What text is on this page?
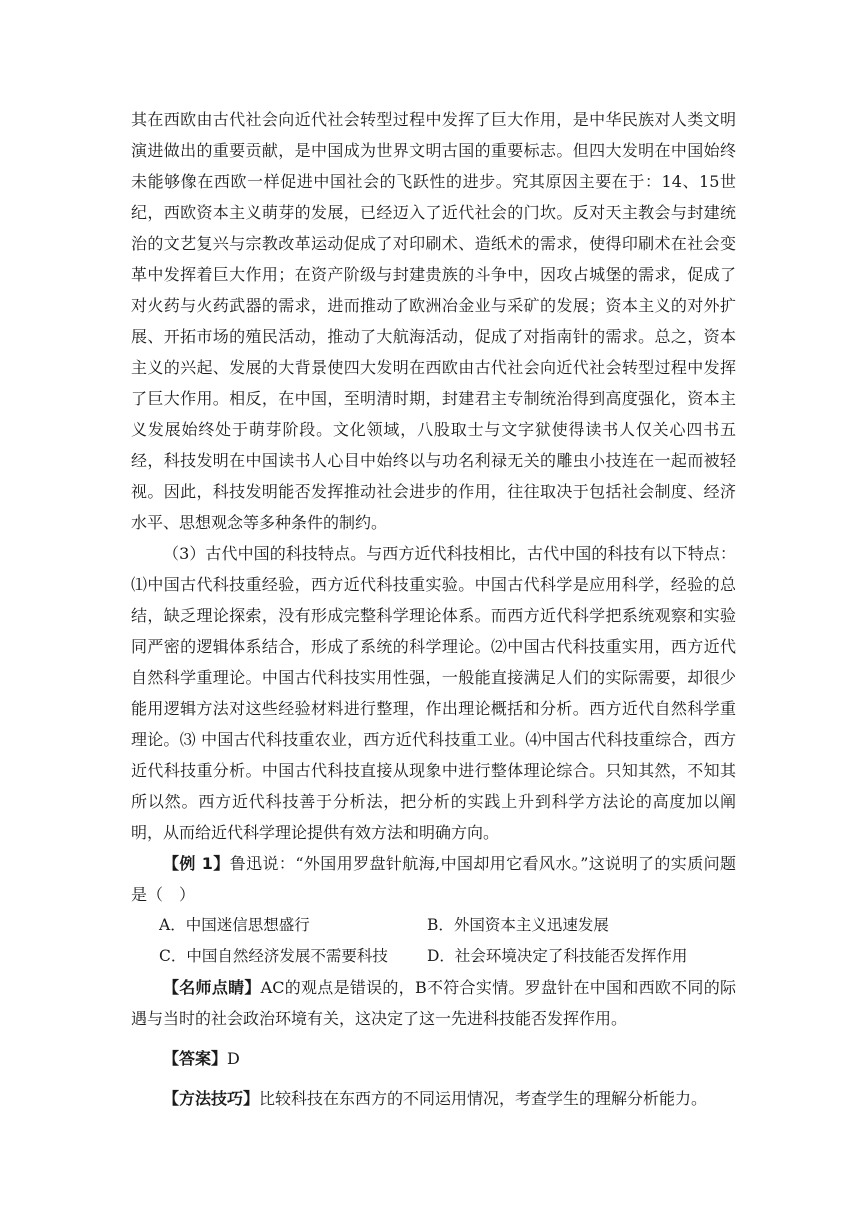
其在西欧由古代社会向近代社会转型过程中发挥了巨大作用，是中华民族对人类文明演进做出的重要贡献，是中国成为世界文明古国的重要标志。但四大发明在中国始终未能够像在西欧一样促进中国社会的飞跃性的进步。究其原因主要在于：14、15世纪，西欧资本主义萌芽的发展，已经迈入了近代社会的门坎。反对天主教会与封建统治的文艺复兴与宗教改革运动促成了对印刷术、造纸术的需求，使得印刷术在社会变革中发挥着巨大作用；在资产阶级与封建贵族的斗争中，因攻占城堡的需求，促成了对火药与火药武器的需求，进而推动了欧洲冶金业与采矿的发展；资本主义的对外扩展、开拓市场的殖民活动，推动了大航海活动，促成了对指南针的需求。总之，资本主义的兴起、发展的大背景使四大发明在西欧由古代社会向近代社会转型过程中发挥了巨大作用。相反，在中国，至明清时期，封建君主专制统治得到高度强化，资本主义发展始终处于萌芽阶段。文化领域，八股取士与文字狱使得读书人仅关心四书五经，科技发明在中国读书人心目中始终以与功名利禄无关的雕虫小技连在一起而被轻视。因此，科技发明能否发挥推动社会进步的作用，往往取决于包括社会制度、经济水平、思想观念等多种条件的制约。

（3）古代中国的科技特点。与西方近代科技相比，古代中国的科技有以下特点：⑴中国古代科技重经验，西方近代科技重实验。中国古代科学是应用科学，经验的总结，缺乏理论探索，没有形成完整科学理论体系。而西方近代科学把系统观察和实验同严密的逻辑体系结合，形成了系统的科学理论。⑵中国古代科技重实用，西方近代自然科学重理论。中国古代科技实用性强，一般能直接满足人们的实际需要，却很少能用逻辑方法对这些经验材料进行整理，作出理论概括和分析。西方近代自然科学重理论。⑶ 中国古代科技重农业，西方近代科技重工业。⑷中国古代科技重综合，西方近代科技重分析。中国古代科技直接从现象中进行整体理论综合。只知其然，不知其所以然。西方近代科技善于分析法，把分析的实践上升到科学方法论的高度加以阐明，从而给近代科学理论提供有效方法和明确方向。

【例 1】鲁迅说：“外国用罗盘针航海,中国却用它看风水。”这说明了的实质问题是（　）

A．中国迷信思想盛行	B．外国资本主义迅速发展
C．中国自然经济发展不需要科技	D．社会环境决定了科技能否发挥作用

【名师点睛】AC的观点是错误的，B不符合实情。罗盘针在中国和西欧不同的际遇与当时的社会政治环境有关，这决定了这一先进科技能否发挥作用。

【答案】D

【方法技巧】比较科技在东西方的不同运用情况，考查学生的理解分析能力。
